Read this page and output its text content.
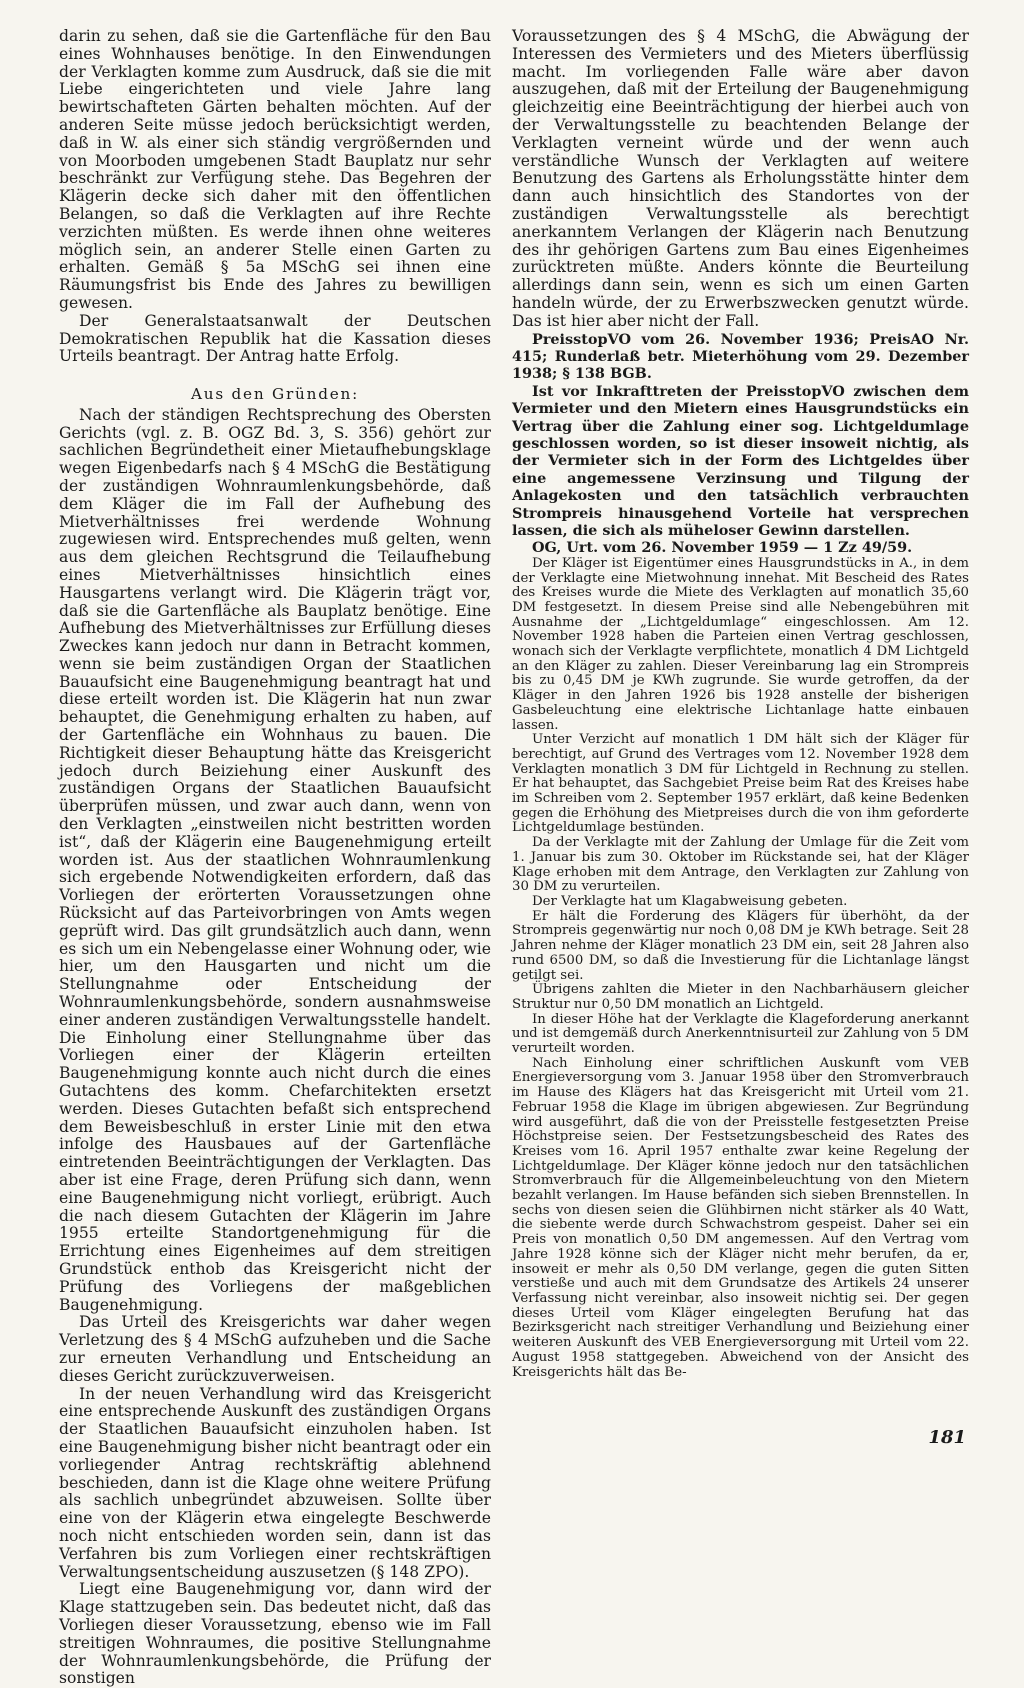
darin zu sehen, daß sie die Gartenfläche für den Bau eines Wohnhauses benötige. In den Einwendungen der Verklagten komme zum Ausdruck, daß sie die mit Liebe eingerichteten und viele Jahre lang bewirtschafteten Gärten behalten möchten. Auf der anderen Seite müsse jedoch berücksichtigt werden, daß in W. als einer sich ständig vergrößernden und von Moorboden umgebenen Stadt Bauplatz nur sehr beschränkt zur Verfügung stehe. Das Begehren der Klägerin decke sich daher mit den öffentlichen Belangen, so daß die Verklagten auf ihre Rechte verzichten müßten. Es werde ihnen ohne weiteres möglich sein, an anderer Stelle einen Garten zu erhalten. Gemäß § 5a MSchG sei ihnen eine Räumungsfrist bis Ende des Jahres zu bewilligen gewesen.

Der Generalstaatsanwalt der Deutschen Demokratischen Republik hat die Kassation dieses Urteils beantragt. Der Antrag hatte Erfolg.

Aus den Gründen:

Nach der ständigen Rechtsprechung des Obersten Gerichts (vgl. z. B. OGZ Bd. 3, S. 356) gehört zur sachlichen Begründetheit einer Mietaufhebungsklage wegen Eigenbedarfs nach § 4 MSchG die Bestätigung der zuständigen Wohnraumlenkungsbehörde, daß dem Kläger die im Fall der Aufhebung des Mietverhältnisses frei werdende Wohnung zugewiesen wird. Entsprechendes muß gelten, wenn aus dem gleichen Rechtsgrund die Teilaufhebung eines Mietverhältnisses hinsichtlich eines Hausgartens verlangt wird. Die Klägerin trägt vor, daß sie die Gartenfläche als Bauplatz benötige. Eine Aufhebung des Mietverhältnisses zur Erfüllung dieses Zweckes kann jedoch nur dann in Betracht kommen, wenn sie beim zuständigen Organ der Staatlichen Bauaufsicht eine Baugenehmigung beantragt hat und diese erteilt worden ist. Die Klägerin hat nun zwar behauptet, die Genehmigung erhalten zu haben, auf der Gartenfläche ein Wohnhaus zu bauen. Die Richtigkeit dieser Behauptung hätte das Kreisgericht jedoch durch Beiziehung einer Auskunft des zuständigen Organs der Staatlichen Bauaufsicht überprüfen müssen, und zwar auch dann, wenn von den Verklagten „einstweilen nicht bestritten worden ist“, daß der Klägerin eine Baugenehmigung erteilt worden ist. Aus der staatlichen Wohnraumlenkung sich ergebende Notwendigkeiten erfordern, daß das Vorliegen der erörterten Voraussetzungen ohne Rücksicht auf das Parteivorbringen von Amts wegen geprüft wird. Das gilt grundsätzlich auch dann, wenn es sich um ein Nebengelasse einer Wohnung oder, wie hier, um den Hausgarten und nicht um die Stellungnahme oder Entscheidung der Wohnraumlenkungsbehörde, sondern ausnahmsweise einer anderen zuständigen Verwaltungsstelle handelt. Die Einholung einer Stellungnahme über das Vorliegen einer der Klägerin erteilten Baugenehmigung konnte auch nicht durch die eines Gutachtens des komm. Chefarchitekten ersetzt werden. Dieses Gutachten befaßt sich entsprechend dem Beweisbeschluß in erster Linie mit den etwa infolge des Hausbaues auf der Gartenfläche eintretenden Beeinträchtigungen der Verklagten. Das aber ist eine Frage, deren Prüfung sich dann, wenn eine Baugenehmigung nicht vorliegt, erübrigt. Auch die nach diesem Gutachten der Klägerin im Jahre 1955 erteilte Standortgenehmigung für die Errichtung eines Eigenheimes auf dem streitigen Grundstück enthob das Kreisgericht nicht der Prüfung des Vorliegens der maßgeblichen Baugenehmigung.

Das Urteil des Kreisgerichts war daher wegen Verletzung des § 4 MSchG aufzuheben und die Sache zur erneuten Verhandlung und Entscheidung an dieses Gericht zurückzuverweisen.

In der neuen Verhandlung wird das Kreisgericht eine entsprechende Auskunft des zuständigen Organs der Staatlichen Bauaufsicht einzuholen haben. Ist eine Baugenehmigung bisher nicht beantragt oder ein vorliegender Antrag rechtskräftig ablehnend beschieden, dann ist die Klage ohne weitere Prüfung als sachlich unbegründet abzuweisen. Sollte über eine von der Klägerin etwa eingelegte Beschwerde noch nicht entschieden worden sein, dann ist das Verfahren bis zum Vorliegen einer rechtskräftigen Verwaltungsentscheidung auszusetzen (§ 148 ZPO).

Liegt eine Baugenehmigung vor, dann wird der Klage stattzugeben sein. Das bedeutet nicht, daß das Vorliegen dieser Voraussetzung, ebenso wie im Fall streitigen Wohnraumes, die positive Stellungnahme der Wohnraumlenkungsbehörde, die Prüfung der sonstigen

Voraussetzungen des § 4 MSchG, die Abwägung der Interessen des Vermieters und des Mieters überflüssig macht. Im vorliegenden Falle wäre aber davon auszugehen, daß mit der Erteilung der Baugenehmigung gleichzeitig eine Beeinträchtigung der hierbei auch von der Verwaltungsstelle zu beachtenden Belange der Verklagten verneint würde und der wenn auch verständliche Wunsch der Verklagten auf weitere Benutzung des Gartens als Erholungsstätte hinter dem dann auch hinsichtlich des Standortes von der zuständigen Verwaltungsstelle als berechtigt anerkanntem Verlangen der Klägerin nach Benutzung des ihr gehörigen Gartens zum Bau eines Eigenheimes zurücktreten müßte. Anders könnte die Beurteilung allerdings dann sein, wenn es sich um einen Garten handeln würde, der zu Erwerbszwecken genutzt würde. Das ist hier aber nicht der Fall.

PreisstopVO vom 26. November 1936; PreisAO Nr. 415; Runderlaß betr. Mieterhöhung vom 29. Dezember 1938; § 138 BGB.

Ist vor Inkrafttreten der PreisstopVO zwischen dem Vermieter und den Mietern eines Hausgrundstücks ein Vertrag über die Zahlung einer sog. Lichtgeldumlage geschlossen worden, so ist dieser insoweit nichtig, als der Vermieter sich in der Form des Lichtgeldes über eine angemessene Verzinsung und Tilgung der Anlagekosten und den tatsächlich verbrauchten Strompreis hinausgehend Vorteile hat versprechen lassen, die sich als müheloser Gewinn darstellen.

OG, Urt. vom 26. November 1959 — 1 Zz 49/59.

Der Kläger ist Eigentümer eines Hausgrundstücks in A., in dem der Verklagte eine Mietwohnung innehat. Mit Bescheid des Rates des Kreises wurde die Miete des Verklagten auf monatlich 35,60 DM festgesetzt. In diesem Preise sind alle Nebengebühren mit Ausnahme der „Lichtgeldumlage“ eingeschlossen. Am 12. November 1928 haben die Parteien einen Vertrag geschlossen, wonach sich der Verklagte verpflichtete, monatlich 4 DM Lichtgeld an den Kläger zu zahlen. Dieser Vereinbarung lag ein Strompreis bis zu 0,45 DM je KWh zugrunde. Sie wurde getroffen, da der Kläger in den Jahren 1926 bis 1928 anstelle der bisherigen Gasbeleuchtung eine elektrische Lichtanlage hatte einbauen lassen.

Unter Verzicht auf monatlich 1 DM hält sich der Kläger für berechtigt, auf Grund des Vertrages vom 12. November 1928 dem Verklagten monatlich 3 DM für Lichtgeld in Rechnung zu stellen. Er hat behauptet, das Sachgebiet Preise beim Rat des Kreises habe im Schreiben vom 2. September 1957 erklärt, daß keine Bedenken gegen die Erhöhung des Mietpreises durch die von ihm geforderte Lichtgeldumlage bestünden.

Da der Verklagte mit der Zahlung der Umlage für die Zeit vom 1. Januar bis zum 30. Oktober im Rückstande sei, hat der Kläger Klage erhoben mit dem Antrage, den Verklagten zur Zahlung von 30 DM zu verurteilen.

Der Verklagte hat um Klagabweisung gebeten.

Er hält die Forderung des Klägers für überhöht, da der Strompreis gegenwärtig nur noch 0,08 DM je KWh betrage. Seit 28 Jahren nehme der Kläger monatlich 23 DM ein, seit 28 Jahren also rund 6500 DM, so daß die Investierung für die Lichtanlage längst getilgt sei.

Übrigens zahlten die Mieter in den Nachbarhäusern gleicher Struktur nur 0,50 DM monatlich an Lichtgeld.

In dieser Höhe hat der Verklagte die Klageforderung anerkannt und ist demgemäß durch Anerkenntnisurteil zur Zahlung von 5 DM verurteilt worden.

Nach Einholung einer schriftlichen Auskunft vom VEB Energieversorgung vom 3. Januar 1958 über den Stromverbrauch im Hause des Klägers hat das Kreisgericht mit Urteil vom 21. Februar 1958 die Klage im übrigen abgewiesen. Zur Begründung wird ausgeführt, daß die von der Preisstelle festgesetzten Preise Höchstpreise seien. Der Festsetzungsbescheid des Rates des Kreises vom 16. April 1957 enthalte zwar keine Regelung der Lichtgeldumlage. Der Kläger könne jedoch nur den tatsächlichen Stromverbrauch für die Allgemeinbeleuchtung von den Mietern bezahlt verlangen. Im Hause befänden sich sieben Brennstellen. In sechs von diesen seien die Glühbirnen nicht stärker als 40 Watt, die siebente werde durch Schwachstrom gespeist. Daher sei ein Preis von monatlich 0,50 DM angemessen. Auf den Vertrag vom Jahre 1928 könne sich der Kläger nicht mehr berufen, da er, insoweit er mehr als 0,50 DM verlange, gegen die guten Sitten verstieße und auch mit dem Grundsatze des Artikels 24 unserer Verfassung nicht vereinbar, also insoweit nichtig sei. Der gegen dieses Urteil vom Kläger eingelegten Berufung hat das Bezirksgericht nach streitiger Verhandlung und Beiziehung einer weiteren Auskunft des VEB Energieversorgung mit Urteil vom 22. August 1958 stattgegeben. Abweichend von der Ansicht des Kreisgerichts hält das Be-

181
